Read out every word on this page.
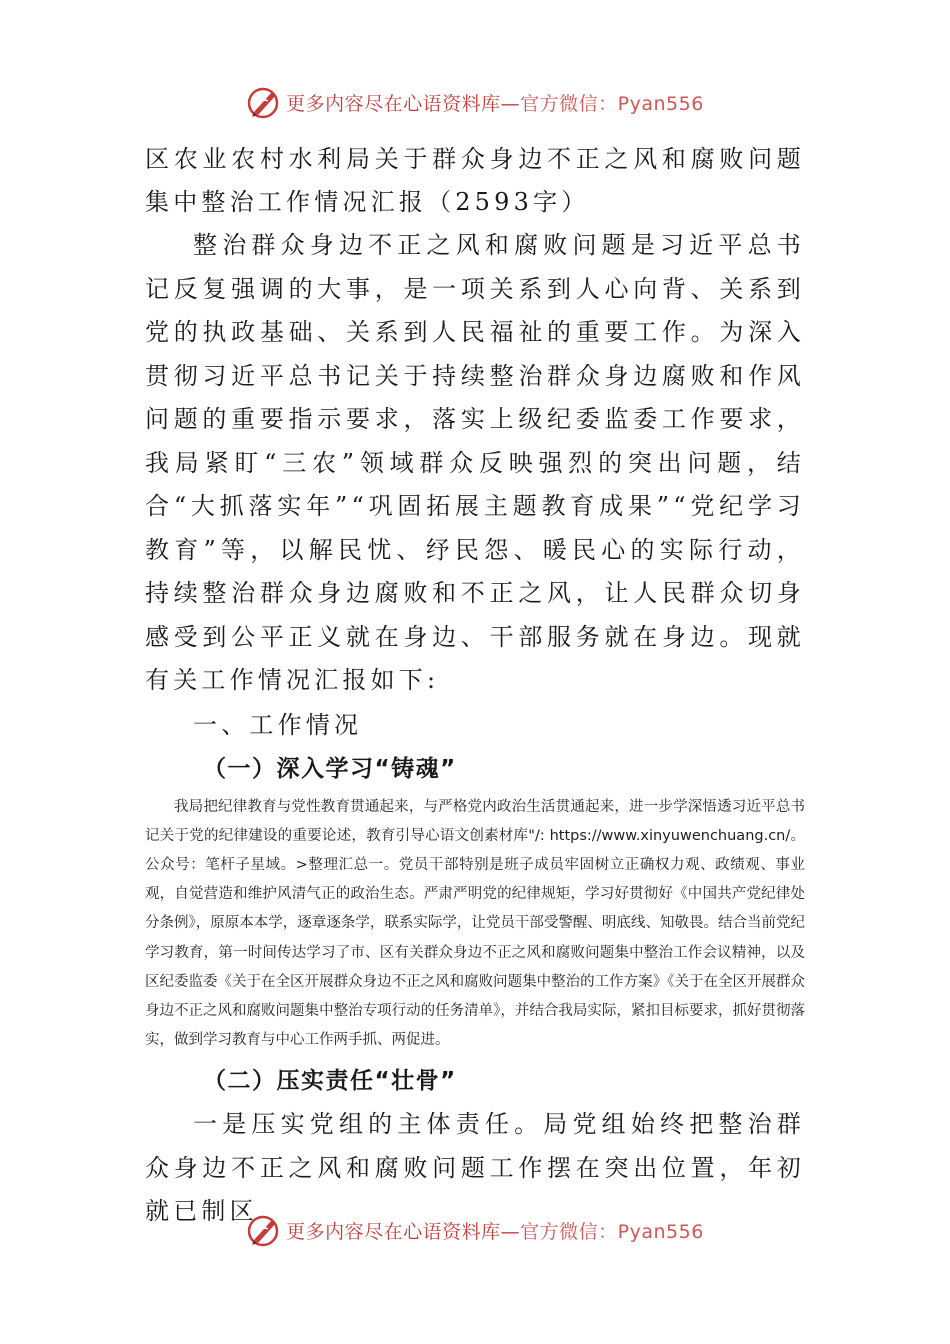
更多内容尽在心语资料库—官方微信：Pyan556
区农业农村水利局关于群众身边不正之风和腐败问题集中整治工作情况汇报（2593字）

整治群众身边不正之风和腐败问题是习近平总书记反复强调的大事，是一项关系到人心向背、关系到党的执政基础、关系到人民福祉的重要工作。为深入贯彻习近平总书记关于持续整治群众身边腐败和作风问题的重要指示要求，落实上级纪委监委工作要求，我局紧盯“三农”领域群众反映强烈的突出问题，结合“大抓落实年”“巩固拓展主题教育成果”“党纪学习教育”等，以解民忧、纾民怨、暖民心的实际行动，持续整治群众身边腐败和不正之风，让人民群众切身感受到公平正义就在身边、干部服务就在身边。现就有关工作情况汇报如下:

一、工作情况

（一）深入学习“铸魂”

我局把纪律教育与党性教育贯通起来，与严格党内政治生活贯通起来，进一步学深悟透习近平总书记关于党的纪律建设的重要论述，教育引导心语文创素材库"/: https://www.xinyuwenchuang.cn/。公众号：笔杆子星域。>整理汇总一。党员干部特别是班子成员牢固树立正确权力观、政绩观、事业观，自觉营造和维护风清气正的政治生态。严肃严明党的纪律规矩，学习好贯彻好《中国共产党纪律处分条例》，原原本本学，逐章逐条学，联系实际学，让党员干部受警醒、明底线、知敬畏。结合当前党纪学习教育，第一时间传达学习了市、区有关群众身边不正之风和腐败问题集中整治工作会议精神，以及区纪委监委《关于在全区开展群众身边不正之风和腐败问题集中整治的工作方案》《关于在全区开展群众身边不正之风和腐败问题集中整治专项行动的任务清单》，并结合我局实际，紧扣目标要求，抓好贯彻落实，做到学习教育与中心工作两手抓、两促进。

（二）压实责任“壮骨”

一是压实党组的主体责任。局党组始终把整治群众身边不正之风和腐败问题工作摆在突出位置，年初就已制区

更多内容尽在心语资料库—官方微信：Pyan556
